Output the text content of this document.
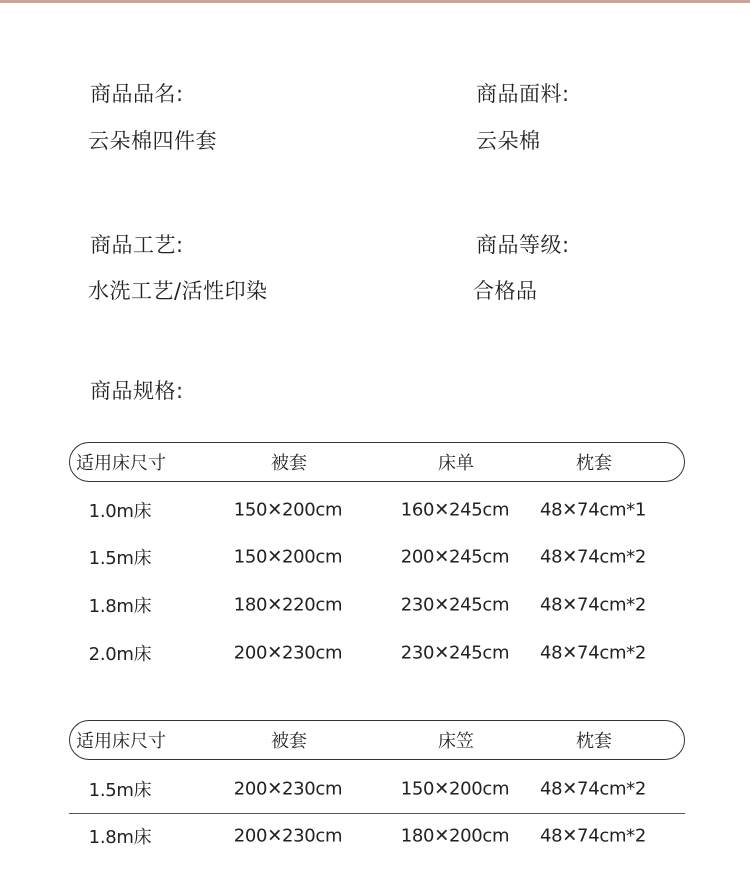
商品品名:
云朵棉四件套
商品面料:
云朵棉
商品工艺:
水洗工艺/活性印染
商品等级:
合格品
商品规格:
适用床尺寸	被套	床单	枕套
1.0m床	150✕200cm	160✕245cm 48✕74cm*1
1.5m床	150✕200cm	200✕245cm 48✕74cm*2
1.8m床	180✕220cm	230✕245cm 48✕74cm*2
2.0m床	200✕230cm	230✕245cm 48✕74cm*2
适用床尺寸	被套	床笠	枕套
1.5m床	200✕230cm	150✕200cm 48✕74cm*2
1.8m床	200✕230cm	180✕200cm 48✕74cm*2
